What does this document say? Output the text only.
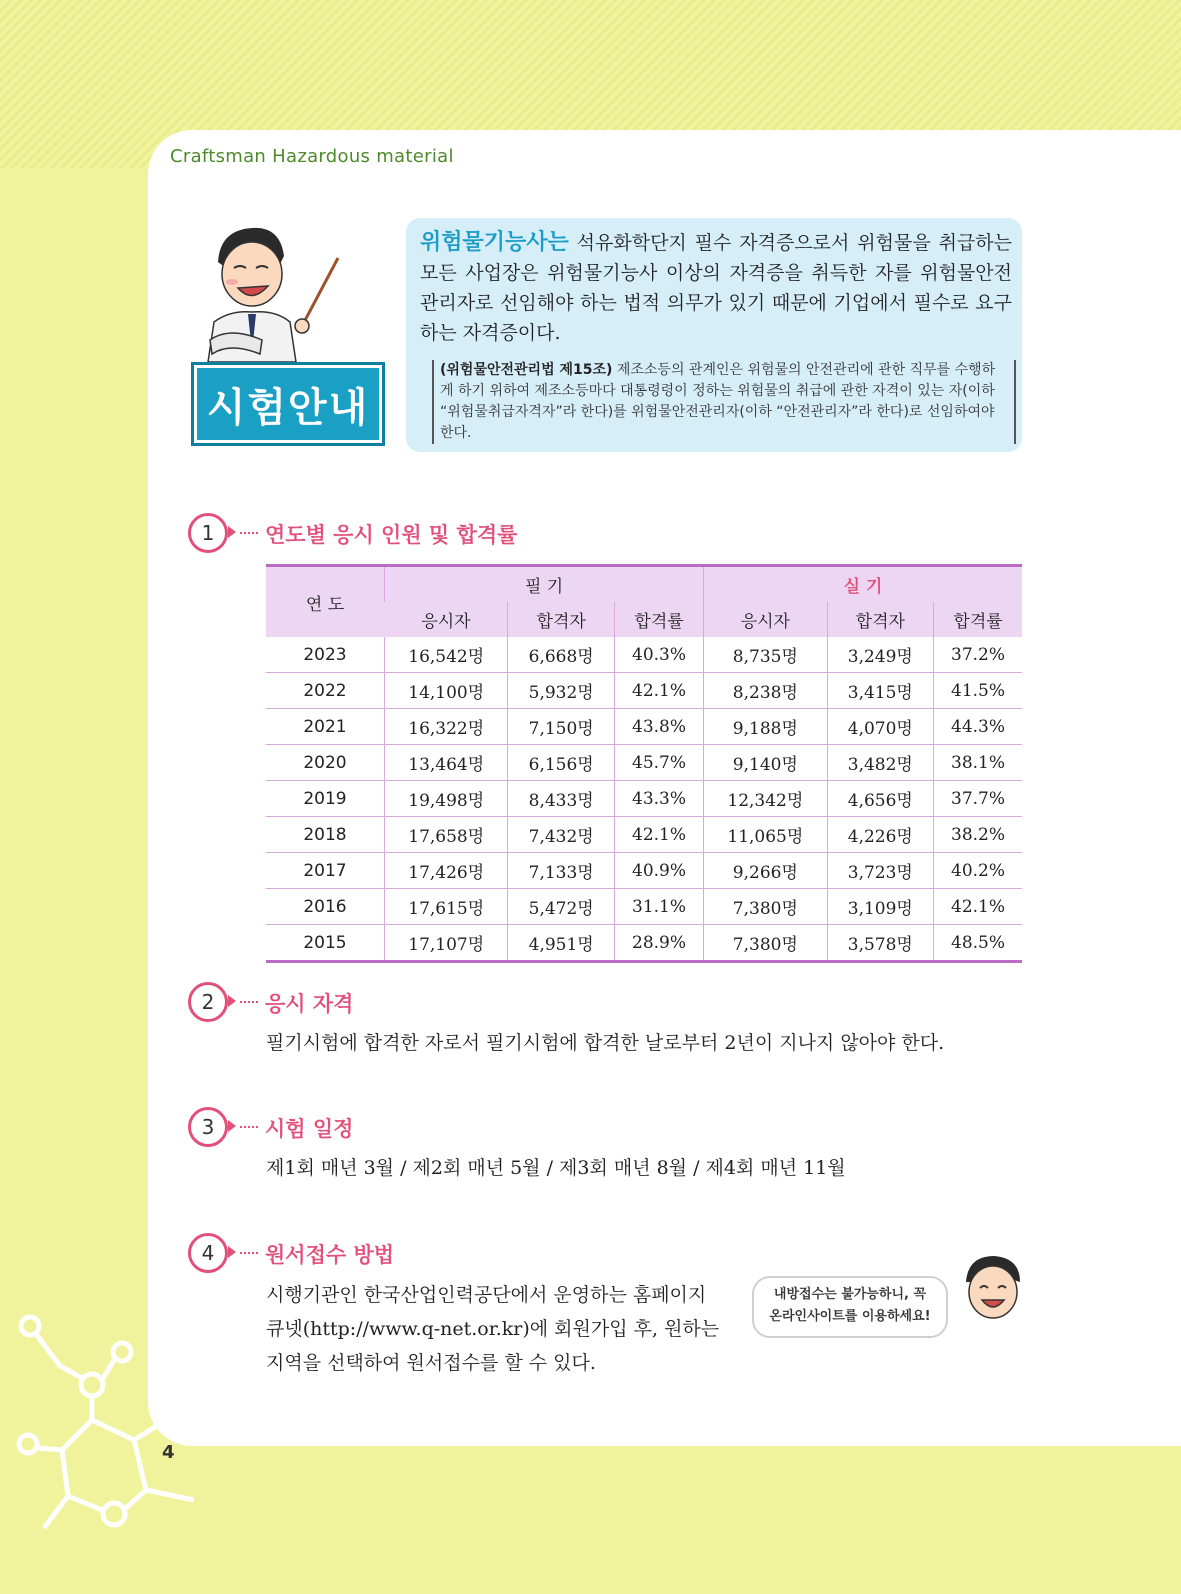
Craftsman Hazardous material
시험안내
위험물기능사는 석유화학단지 필수 자격증으로서 위험물을 취급하는 모든 사업장은 위험물기능사 이상의 자격증을 취득한 자를 위험물안전관리자로 선임해야 하는 법적 의무가 있기 때문에 기업에서 필수로 요구하는 자격증이다.
(위험물안전관리법 제15조) 제조소등의 관계인은 위험물의 안전관리에 관한 직무를 수행하게 하기 위하여 제조소등마다 대통령령이 정하는 위험물의 취급에 관한 자격이 있는 자(이하 “위험물취급자격자”라 한다)를 위험물안전관리자(이하 “안전관리자”라 한다)로 선임하여야 한다.
1	연도별 응시 인원 및 합격률
연 도	필 기			실 기		
	응시자	합격자	합격률	응시자	합격자	합격률
2023	16,542명	6,668명	40.3%	8,735명	3,249명	37.2%
2022	14,100명	5,932명	42.1%	8,238명	3,415명	41.5%
2021	16,322명	7,150명	43.8%	9,188명	4,070명	44.3%
2020	13,464명	6,156명	45.7%	9,140명	3,482명	38.1%
2019	19,498명	8,433명	43.3%	12,342명	4,656명	37.7%
2018	17,658명	7,432명	42.1%	11,065명	4,226명	38.2%
2017	17,426명	7,133명	40.9%	9,266명	3,723명	40.2%
2016	17,615명	5,472명	31.1%	7,380명	3,109명	42.1%
2015	17,107명	4,951명	28.9%	7,380명	3,578명	48.5%
2	응시 자격
필기시험에 합격한 자로서 필기시험에 합격한 날로부터 2년이 지나지 않아야 한다.
3	시험 일정
제1회 매년 3월 / 제2회 매년 5월 / 제3회 매년 8월 / 제4회 매년 11월
4	원서접수 방법
시행기관인 한국산업인력공단에서 운영하는 홈페이지
큐넷(http://www.q-net.or.kr)에 회원가입 후, 원하는
지역을 선택하여 원서접수를 할 수 있다.
내방접수는 불가능하니, 꼭
온라인사이트를 이용하세요!
4
